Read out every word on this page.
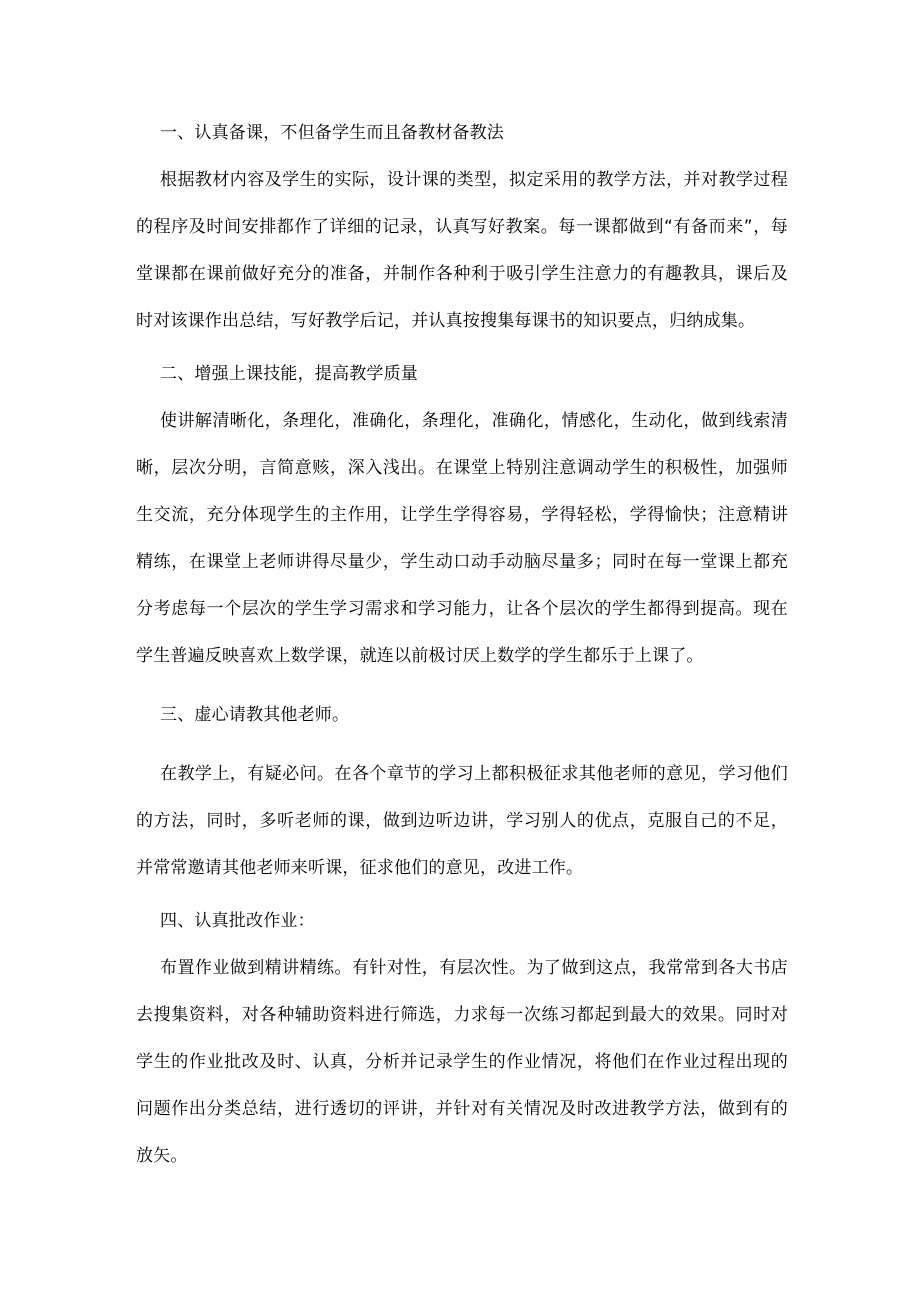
一、认真备课，不但备学生而且备教材备教法

根据教材内容及学生的实际，设计课的类型，拟定采用的教学方法，并对教学过程的程序及时间安排都作了详细的记录，认真写好教案。每一课都做到“有备而来”，每堂课都在课前做好充分的准备，并制作各种利于吸引学生注意力的有趣教具，课后及时对该课作出总结，写好教学后记，并认真按搜集每课书的知识要点，归纳成集。

二、增强上课技能，提高教学质量

使讲解清晰化，条理化，准确化，条理化，准确化，情感化，生动化，做到线索清晰，层次分明，言简意赅，深入浅出。在课堂上特别注意调动学生的积极性，加强师生交流，充分体现学生的主作用，让学生学得容易，学得轻松，学得愉快；注意精讲精练，在课堂上老师讲得尽量少，学生动口动手动脑尽量多；同时在每一堂课上都充分考虑每一个层次的学生学习需求和学习能力，让各个层次的学生都得到提高。现在学生普遍反映喜欢上数学课，就连以前极讨厌上数学的学生都乐于上课了。

三、虚心请教其他老师。

在教学上，有疑必问。在各个章节的学习上都积极征求其他老师的意见，学习他们的方法，同时，多听老师的课，做到边听边讲，学习别人的优点，克服自己的不足，并常常邀请其他老师来听课，征求他们的意见，改进工作。

四、认真批改作业：

布置作业做到精讲精练。有针对性，有层次性。为了做到这点，我常常到各大书店去搜集资料，对各种辅助资料进行筛选，力求每一次练习都起到最大的效果。同时对学生的作业批改及时、认真，分析并记录学生的作业情况，将他们在作业过程出现的问题作出分类总结，进行透切的评讲，并针对有关情况及时改进教学方法，做到有的放矢。
